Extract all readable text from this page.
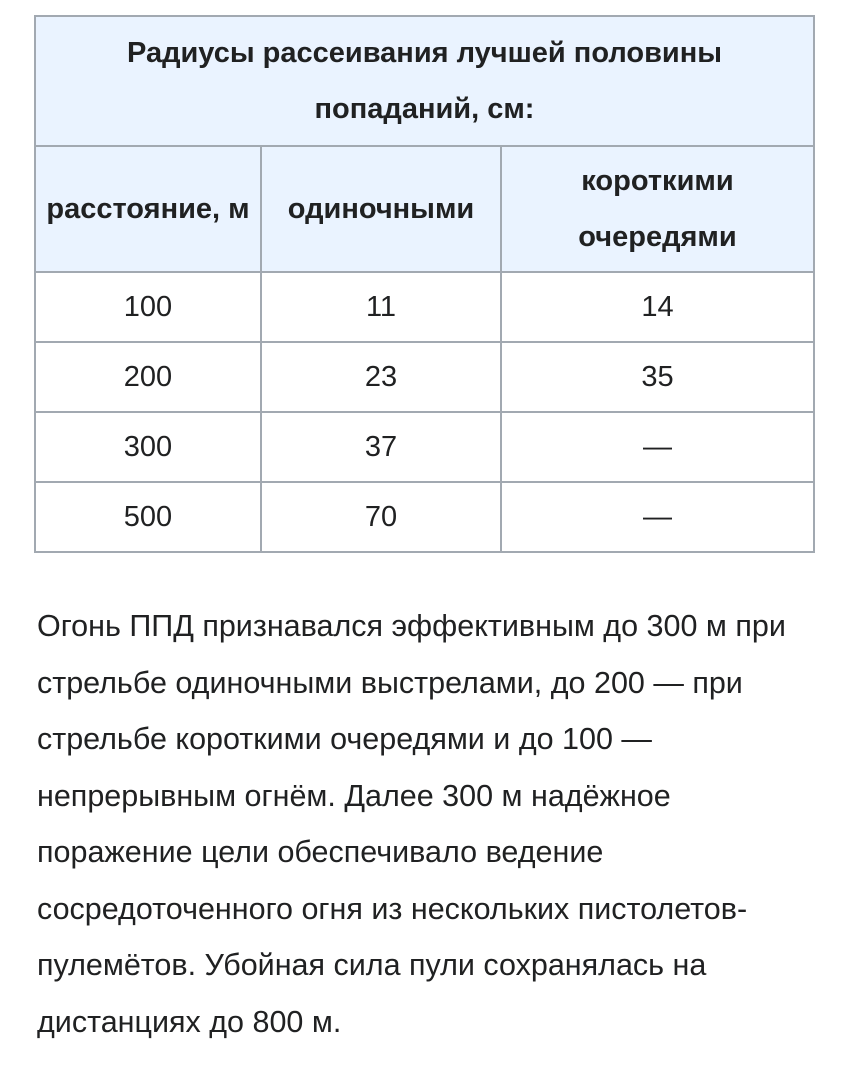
Радиусы рассеивания лучшей половины попаданий, см:		
расстояние, м	одиночными	короткими очередями
100	11	14
200	23	35
300	37	—
500	70	—

Огонь ППД признавался эффективным до 300 м при стрельбе одиночными выстрелами, до 200 — при стрельбе короткими очередями и до 100 — непрерывным огнём. Далее 300 м надёжное поражение цели обеспечивало ведение сосредоточенного огня из нескольких пистолетов-пулемётов. Убойная сила пули сохранялась на дистанциях до 800 м.
